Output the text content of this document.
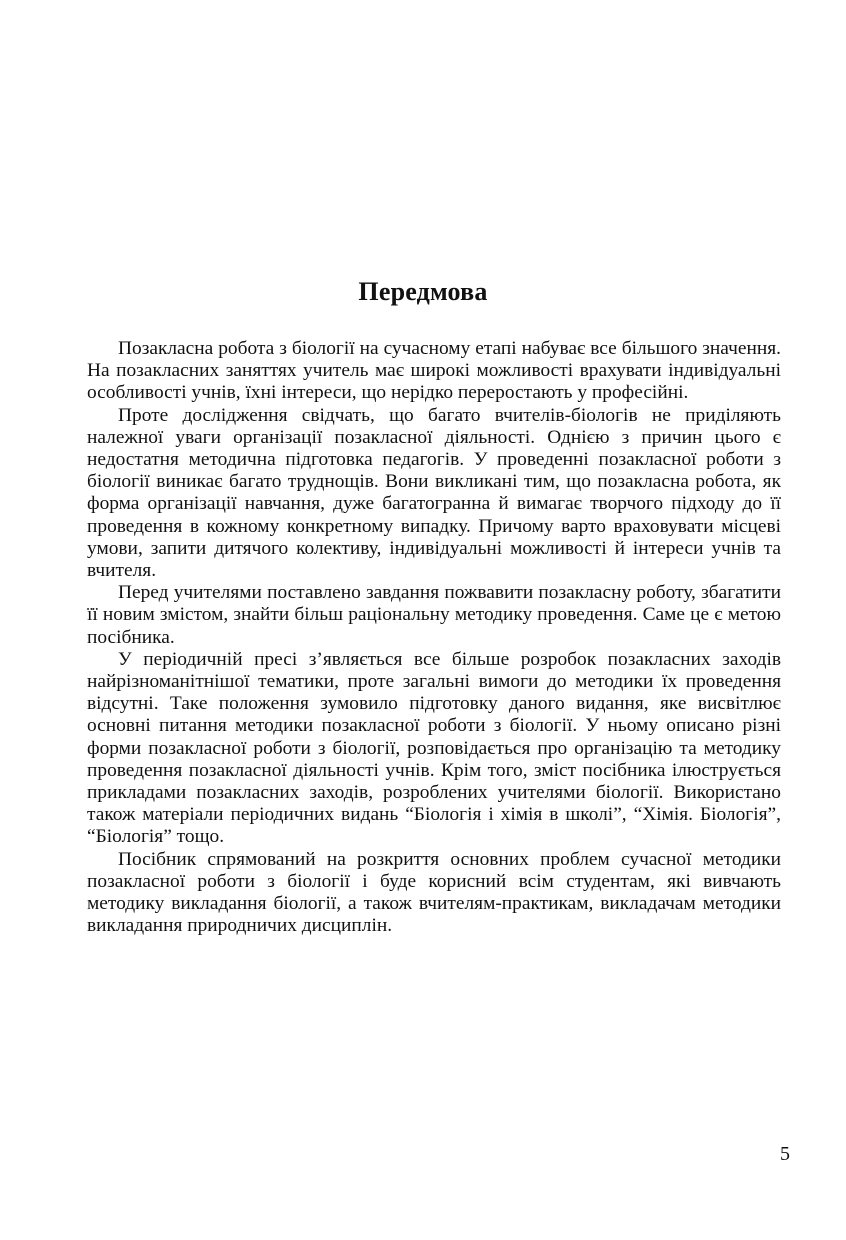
Передмова

Позакласна робота з біології на сучасному етапі набуває все більшого значення. На позакласних заняттях учитель має широкі можливості врахувати індивідуальні особливості учнів, їхні інтереси, що нерідко переростають у професійні.

Проте дослідження свідчать, що багато вчителів-біологів не приділяють належної уваги організації позакласної діяльності. Однією з причин цього є недостатня методична підготовка педагогів. У проведенні позакласної роботи з біології виникає багато труднощів. Вони викликані тим, що позакласна робота, як форма організації навчання, дуже багатогранна й вимагає творчого підходу до її проведення в кожному конкретному випадку. Причому варто враховувати місцеві умови, запити дитячого колективу, індивідуальні можливості й інтереси учнів та вчителя.

Перед учителями поставлено завдання пожвавити позакласну роботу, збагатити її новим змістом, знайти більш раціональну методику проведення. Саме це є метою посібника.

У періодичній пресі з’являється все більше розробок позакласних заходів найрізноманітнішої тематики, проте загальні вимоги до методики їх проведення відсутні. Таке положення зумовило підготовку даного видання, яке висвітлює основні питання методики позакласної роботи з біології. У ньому описано різні форми позакласної роботи з біології, розповідається про організацію та методику проведення позакласної діяльності учнів. Крім того, зміст посібника ілюструється прикладами позакласних заходів, розроблених учителями біології. Використано також матеріали періодичних видань “Біологія і хімія в школі”, “Хімія. Біологія”, “Біологія” тощо.

Посібник спрямований на розкриття основних проблем сучасної методики позакласної роботи з біології і буде корисний всім студентам, які вивчають методику викладання біології, а також вчителям-практикам, викладачам методики викладання природничих дисциплін.

5
